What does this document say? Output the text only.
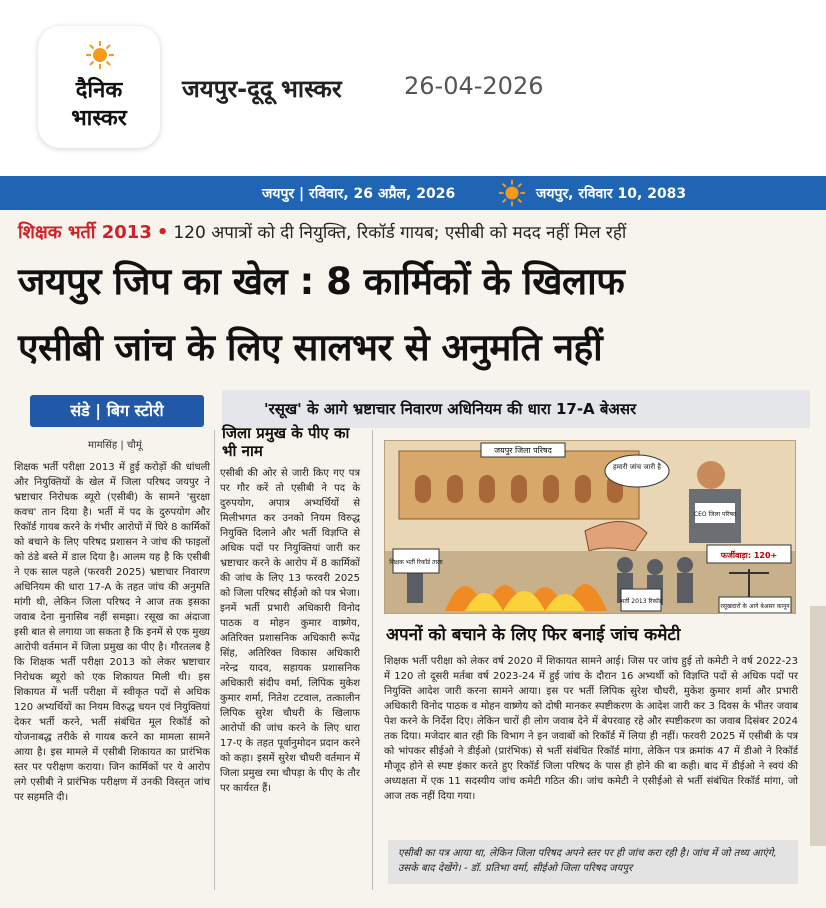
दैनिक
भास्कर
जयपुर-दूदू भास्कर	26-04-2026
जयपुर | रविवार, 26 अप्रैल, 2026	जयपुर, रविवार 10, 2083
शिक्षक भर्ती 2013 • 120 अपात्रों को दी नियुक्ति, रिकॉर्ड गायब; एसीबी को मदद नहीं मिल रहीं
जयपुर जिप का खेल : 8 कार्मिकों के खिलाफ
एसीबी जांच के लिए सालभर से अनुमति नहीं
संडे | बिग स्टोरी	'रसूख' के आगे भ्रष्टाचार निवारण अधिनियम की धारा 17-A बेअसर
मामसिंह | चौमूं
शिक्षक भर्ती परीक्षा 2013 में हुई करोड़ों की धांधली और नियुक्तियों के खेल में जिला परिषद जयपुर ने भ्रष्टाचार निरोधक ब्यूरो (एसीबी) के सामने 'सुरक्षा कवच' तान दिया है। भर्ती में पद के दुरुपयोग और रिकॉर्ड गायब करने के गंभीर आरोपों में घिरे 8 कार्मिकों को बचाने के लिए परिषद प्रशासन ने जांच की फाइलों को ठंडे बस्ते में डाल दिया है। आलम यह है कि एसीबी ने एक साल पहले (फरवरी 2025) भ्रष्टाचार निवारण अधिनियम की धारा 17-A के तहत जांच की अनुमति मांगी थी, लेकिन जिला परिषद ने आज तक इसका जवाब देना मुनासिब नहीं समझा। रसूख का अंदाजा इसी बात से लगाया जा सकता है कि इनमें से एक मुख्य आरोपी वर्तमान में जिला प्रमुख का पीए है। गौरतलब है कि शिक्षक भर्ती परीक्षा 2013 को लेकर भ्रष्टाचार निरोधक ब्यूरो को एक शिकायत मिली थी। इस शिकायत में भर्ती परीक्षा में स्वीकृत पदों से अधिक 120 अभ्यर्थियों का नियम विरुद्ध चयन एवं नियुक्तियां देकर भर्ती करने, भर्ती संबंधित मूल रिकॉर्ड को योजनाबद्ध तरीके से गायब करने का मामला सामने आया है। इस मामले में एसीबी शिकायत का प्रारंभिक स्तर पर परीक्षण कराया। जिन कार्मिकों पर ये आरोप लगे एसीबी ने प्रारंभिक परीक्षण में उनकी विस्तृत जांच पर सहमति दी।
जिला प्रमुख के पीए का भी नाम
एसीबी की ओर से जारी किए गए पत्र पर गौर करें तो एसीबी ने पद के दुरुपयोग, अपात्र अभ्यर्थियों से मिलीभगत कर उनको नियम विरुद्ध नियुक्ति दिलाने और भर्ती विज्ञप्ति से अधिक पदों पर नियुक्तियां जारी कर भ्रष्टाचार करने के आरोप में 8 कार्मिकों की जांच के लिए 13 फरवरी 2025 को जिला परिषद सीईओ को पत्र भेजा। इनमें भर्ती प्रभारी अधिकारी विनोद पाठक व मोहन कुमार वाष्र्णेय, अतिरिक्त प्रशासनिक अधिकारी रूपेंद्र सिंह, अतिरिक्त विकास अधिकारी नरेन्द्र यादव, सहायक प्रशासनिक अधिकारी संदीप वर्मा, लिपिक मुकेश कुमार शर्मा, नितेश टटवाल, तत्कालीन लिपिक सुरेश चौधरी के खिलाफ आरोपों की जांच करने के लिए धारा 17-ए के तहत पूर्वानुमोदन प्रदान करने को कहा। इसमें सुरेश चौधरी वर्तमान में जिला प्रमुख रमा चौपड़ा के पीए के तौर पर कार्यरत हैं।
जयपुर जिला परिषद
हमारी जांच जारी है
CEO जिला परिषद
शिक्षक भर्ती रिकॉर्ड ताला
फर्जीवाड़ा: 120+
भर्ती 2013 रिकॉर्ड
रसूखदारों के आगे बेअसर कानून
अपनों को बचाने के लिए फिर बनाई जांच कमेटी
शिक्षक भर्ती परीक्षा को लेकर वर्ष 2020 में शिकायत सामने आई। जिस पर जांच हुई तो कमेटी ने वर्ष 2022-23 में 120 तो दूसरी मर्तबा वर्ष 2023-24 में हुई जांच के दौरान 16 अभ्यर्थी को विज्ञप्ति पदों से अधिक पदों पर नियुक्ति आदेश जारी करना सामने आया। इस पर भर्ती लिपिक सुरेश चौधरी, मुकेश कुमार शर्मा और प्रभारी अधिकारी विनोद पाठक व मोहन वाष्र्णेय को दोषी मानकर स्पष्टीकरण के आदेश जारी कर 3 दिवस के भीतर जवाब पेश करने के निर्देश दिए। लेकिन चारों ही लोग जवाब देने में बेपरवाह रहे और स्पष्टीकरण का जवाब दिसंबर 2024 तक दिया। मजेदार बात रही कि विभाग ने इन जवाबों को रिकॉर्ड में लिया ही नहीं। फरवरी 2025 में एसीबी के पत्र को भांपकर सीईओ ने डीईओ (प्रारंभिक) से भर्ती संबंधित रिकॉर्ड मांगा, लेकिन पत्र क्रमांक 47 में डीओ ने रिकॉर्ड मौजूद होने से स्पष्ट इंकार करते हुए रिकॉर्ड जिला परिषद के पास ही होने की बा कही। बाद में डीईओ ने स्वयं की अध्यक्षता में एक 11 सदस्यीय जांच कमेटी गठित की। जांच कमेटी ने एसीईओ से भर्ती संबंधित रिकॉर्ड मांगा, जो आज तक नहीं दिया गया।
एसीबी का पत्र आया था, लेकिन जिला परिषद अपने स्तर पर ही जांच करा रही है। जांच में जो तथ्य आएंगे, उसके बाद देखेंगे। - डॉ. प्रतिभा वर्मा, सीईओ जिला परिषद जयपुर
